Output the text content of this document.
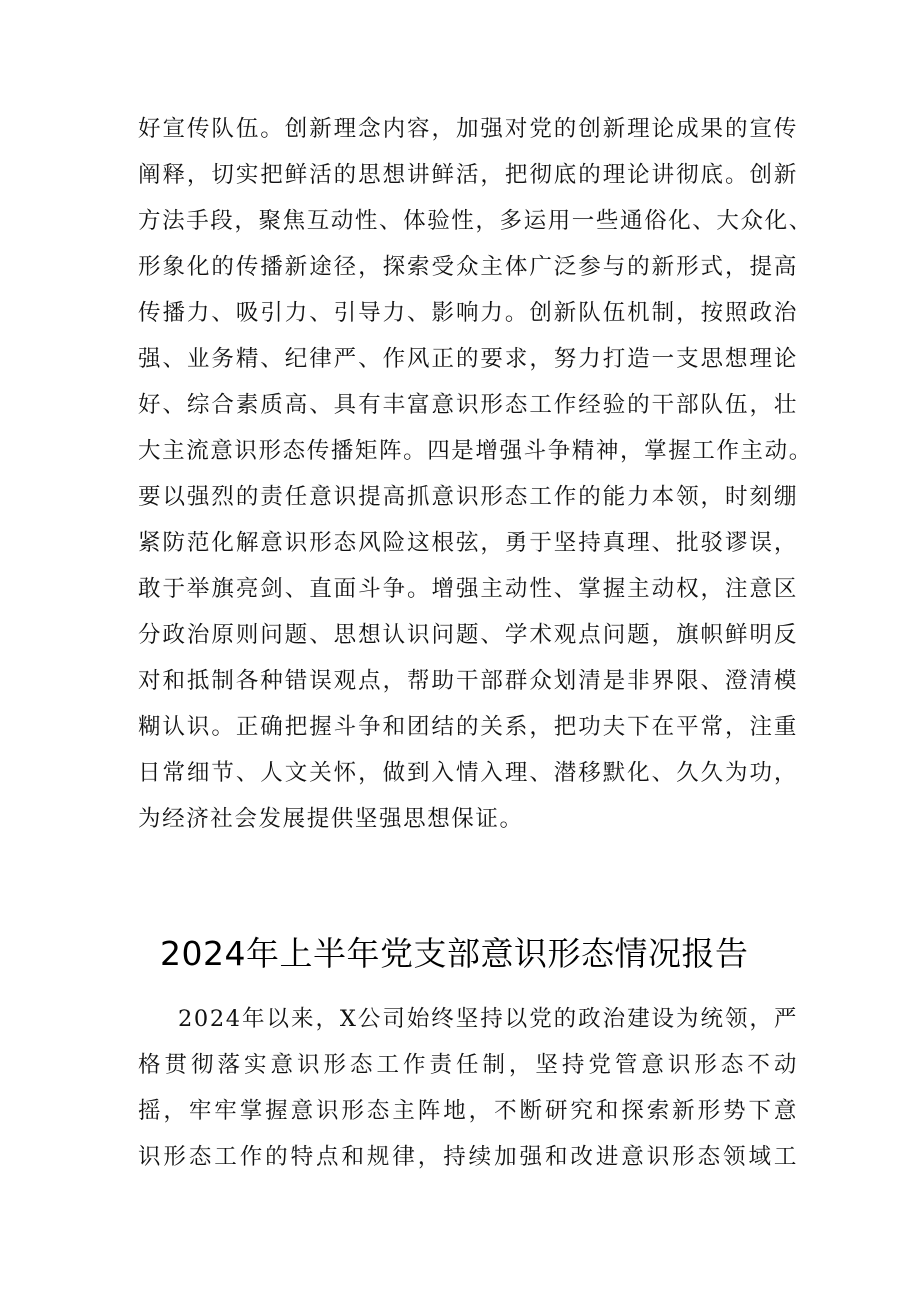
好宣传队伍。创新理念内容，加强对党的创新理论成果的宣传
阐释，切实把鲜活的思想讲鲜活，把彻底的理论讲彻底。创新
方法手段，聚焦互动性、体验性，多运用一些通俗化、大众化、
形象化的传播新途径，探索受众主体广泛参与的新形式，提高
传播力、吸引力、引导力、影响力。创新队伍机制，按照政治
强、业务精、纪律严、作风正的要求，努力打造一支思想理论
好、综合素质高、具有丰富意识形态工作经验的干部队伍，壮
大主流意识形态传播矩阵。四是增强斗争精神，掌握工作主动。
要以强烈的责任意识提高抓意识形态工作的能力本领，时刻绷
紧防范化解意识形态风险这根弦，勇于坚持真理、批驳谬误，
敢于举旗亮剑、直面斗争。增强主动性、掌握主动权，注意区
分政治原则问题、思想认识问题、学术观点问题，旗帜鲜明反
对和抵制各种错误观点，帮助干部群众划清是非界限、澄清模
糊认识。正确把握斗争和团结的关系，把功夫下在平常，注重
日常细节、人文关怀，做到入情入理、潜移默化、久久为功，
为经济社会发展提供坚强思想保证。
2024年上半年党支部意识形态情况报告
2024年以来，X公司始终坚持以党的政治建设为统领，严
格贯彻落实意识形态工作责任制，坚持党管意识形态不动
摇，牢牢掌握意识形态主阵地，不断研究和探索新形势下意
识形态工作的特点和规律，持续加强和改进意识形态领域工
